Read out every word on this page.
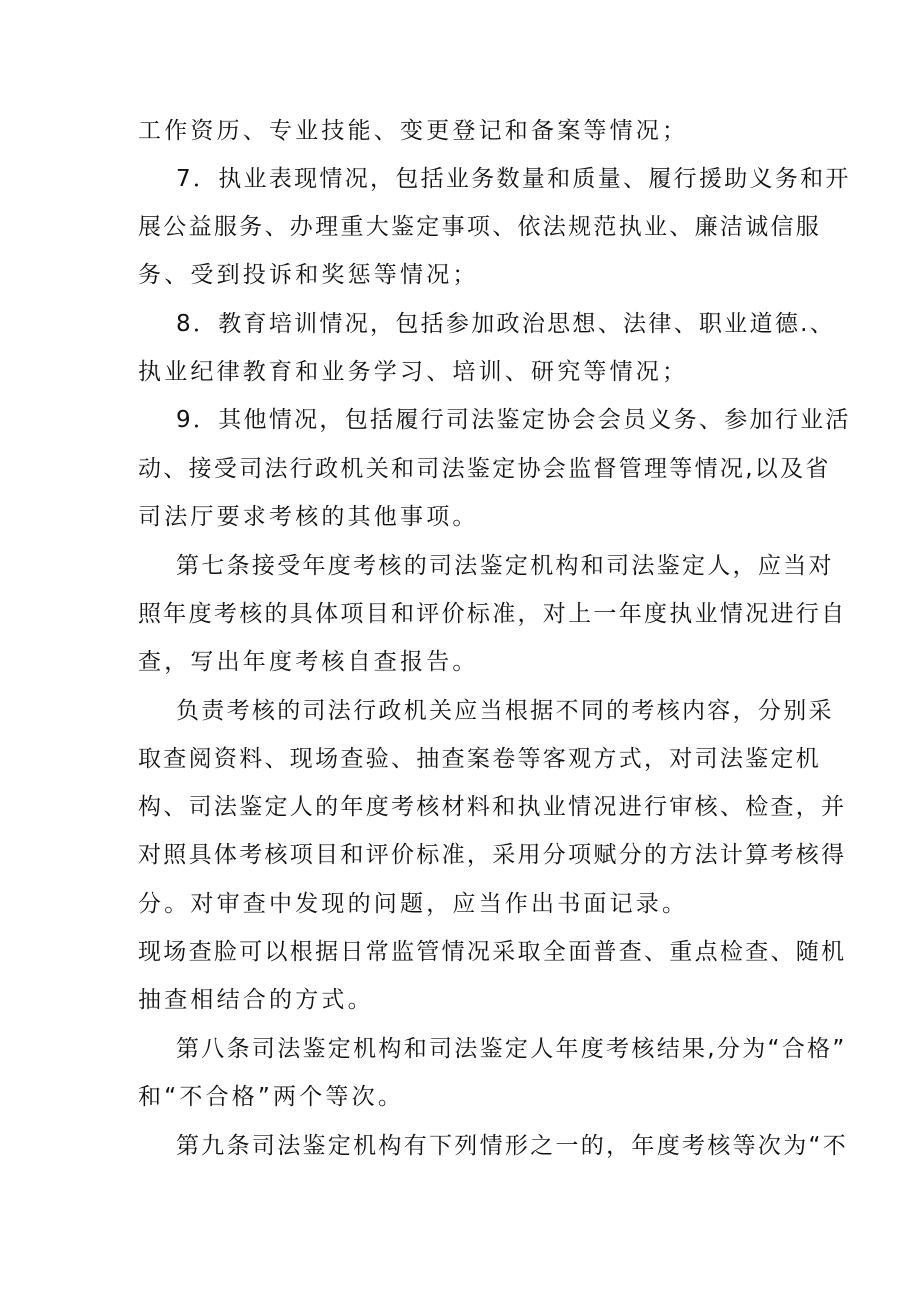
工作资历、专业技能、变更登记和备案等情况；
7．执业表现情况，包括业务数量和质量、履行援助义务和开
展公益服务、办理重大鉴定事项、依法规范执业、廉洁诚信服
务、受到投诉和奖惩等情况；
8．教育培训情况，包括参加政治思想、法律、职业道德.、
执业纪律教育和业务学习、培训、研究等情况；
9．其他情况，包括履行司法鉴定协会会员义务、参加行业活
动、接受司法行政机关和司法鉴定协会监督管理等情况,以及省
司法厅要求考核的其他事项。
第七条接受年度考核的司法鉴定机构和司法鉴定人，应当对
照年度考核的具体项目和评价标准，对上一年度执业情况进行自
查，写出年度考核自查报告。
负责考核的司法行政机关应当根据不同的考核内容，分别采
取查阅资料、现场查验、抽查案卷等客观方式，对司法鉴定机
构、司法鉴定人的年度考核材料和执业情况进行审核、检查，并
对照具体考核项目和评价标准，采用分项赋分的方法计算考核得
分。对审查中发现的问题，应当作出书面记录。
现场查脸可以根据日常监管情况采取全面普查、重点检查、随机
抽查相结合的方式。
第八条司法鉴定机构和司法鉴定人年度考核结果,分为“合格”
和“不合格”两个等次。
第九条司法鉴定机构有下列情形之一的，年度考核等次为“不
